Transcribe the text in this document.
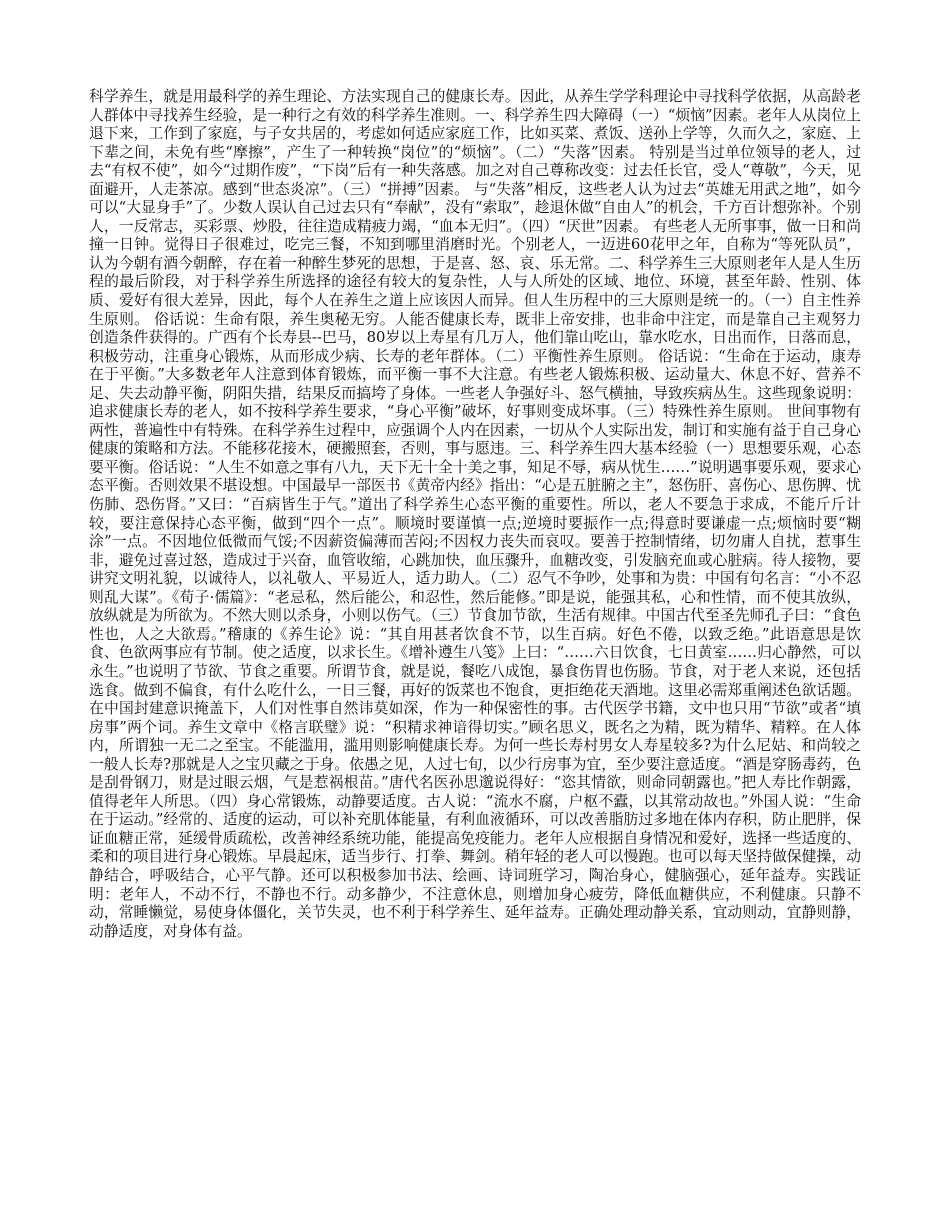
科学养生，就是用最科学的养生理论、方法实现自己的健康长寿。因此，从养生学学科理论中寻找科学依据，从高龄老人群体中寻找养生经验，是一种行之有效的科学养生准则。一、科学养生四大障碍（一）“烦恼”因素。老年人从岗位上退下来，工作到了家庭，与子女共居的，考虑如何适应家庭工作，比如买菜、煮饭、送孙上学等，久而久之，家庭、上下辈之间，未免有些“摩擦”，产生了一种转换“岗位”的“烦恼”。（二）“失落”因素。 特别是当过单位领导的老人，过去“有权不使”，如今“过期作废”，“下岗”后有一种失落感。加之对自己尊称改变：过去任长官，受人“尊敬”，今天，见面避开，人走茶凉。感到“世态炎凉”。（三）“拼搏”因素。 与“失落”相反，这些老人认为过去“英雄无用武之地”，如今可以“大显身手”了。少数人误认自己过去只有“奉献”，没有“索取”，趁退休做“自由人”的机会，千方百计想弥补。个别人，一反常志，买彩票、炒股，往往造成精疲力竭，“血本无归”。（四）“厌世”因素。 有些老人无所事事，做一日和尚撞一日钟。觉得日子很难过，吃完三餐，不知到哪里消磨时光。个别老人，一迈进60花甲之年，自称为“等死队员”，认为今朝有酒今朝醉，存在着一种醉生梦死的思想，于是喜、怒、哀、乐无常。二、科学养生三大原则老年人是人生历程的最后阶段，对于科学养生所选择的途径有较大的复杂性，人与人所处的区域、地位、环境，甚至年龄、性别、体质、爱好有很大差异，因此，每个人在养生之道上应该因人而异。但人生历程中的三大原则是统一的。（一）自主性养生原则。 俗话说：生命有限，养生奥秘无穷。人能否健康长寿，既非上帝安排，也非命中注定，而是靠自己主观努力创造条件获得的。广西有个长寿县--巴马，80岁以上寿星有几万人，他们靠山吃山，靠水吃水，日出而作，日落而息，积极劳动，注重身心锻炼，从而形成少病、长寿的老年群体。（二）平衡性养生原则。 俗话说：“生命在于运动，康寿在于平衡。”大多数老年人注意到体育锻炼，而平衡一事不大注意。有些老人锻炼积极、运动量大、休息不好、营养不足、失去动静平衡，阴阳失措，结果反而搞垮了身体。一些老人争强好斗、怒气横抽，导致疾病丛生。这些现象说明：追求健康长寿的老人，如不按科学养生要求，“身心平衡”破坏，好事则变成坏事。（三）特殊性养生原则。 世间事物有两性，普遍性中有特殊。在科学养生过程中，应强调个人内在因素，一切从个人实际出发，制订和实施有益于自己身心健康的策略和方法。不能移花接木，硬搬照套，否则，事与愿违。三、科学养生四大基本经验（一）思想要乐观，心态要平衡。俗话说：“人生不如意之事有八九，天下无十全十美之事，知足不辱，病从忧生……”说明遇事要乐观，要求心态平衡。否则效果不堪设想。中国最早一部医书《黄帝内经》指出：“心是五脏腑之主”，怒伤肝、喜伤心、思伤脾、忧伤肺、恐伤肾。”又曰：“百病皆生于气。”道出了科学养生心态平衡的重要性。所以，老人不要急于求成，不能斤斤计较，要注意保持心态平衡，做到“四个一点”。顺境时要谨慎一点;逆境时要振作一点;得意时要谦虚一点;烦恼时要“糊涂”一点。不因地位低微而气馁;不因薪资偏薄而苦闷;不因权力丧失而哀叹。要善于控制情绪，切勿庸人自扰，惹事生非，避免过喜过怒，造成过于兴奋，血管收缩，心跳加快，血压骤升，血糖改变，引发脑充血或心脏病。待人接物，要讲究文明礼貌，以诚待人，以礼敬人、平易近人，适力助人。（二）忍气不争吵，处事和为贵：中国有句名言：“小不忍则乱大谋”。《荀子·儒篇》：“老忌私，然后能公，和忍性，然后能修。”即是说，能强其私，心和性情，而不使其放纵，放纵就是为所欲为。不然大则以杀身，小则以伤气。（三）节食加节欲，生活有规律。中国古代至圣先师孔子曰：“食色性也，人之大欲焉。”稽康的《养生论》说：“其自用甚者饮食不节，以生百病。好色不倦，以致乏绝。”此语意思是饮食、色欲两事应有节制。使之适度，以求长生。《增补遵生八笺》上曰：“……六日饮食，七日黄室……归心静然，可以永生。”也说明了节欲、节食之重要。所谓节食，就是说，餐吃八成饱，暴食伤胃也伤肠。节食，对于老人来说，还包括选食。做到不偏食，有什么吃什么，一日三餐，再好的饭菜也不饱食，更拒绝花天酒地。这里必需郑重阐述色欲话题。在中国封建意识掩盖下，人们对性事自然讳莫如深，作为一种保密性的事。古代医学书籍，文中也只用“节欲”或者“填房事”两个词。养生文章中《格言联璧》说：“积精求神谙得切实。”顾名思义，既名之为精，既为精华、精粹。在人体内，所谓独一无二之至宝。不能滥用，滥用则影响健康长寿。为何一些长寿村男女人寿星较多?为什么尼姑、和尚较之一般人长寿?那就是人之宝贝藏之于身。依愚之见，人过七旬，以少行房事为宜，至少要注意适度。“酒是穿肠毒药，色是刮骨钢刀，财是过眼云烟，气是惹祸根苗。”唐代名医孙思邈说得好：“恣其情欲，则命同朝露也。”把人寿比作朝露，值得老年人所思。（四）身心常锻炼，动静要适度。古人说：“流水不腐，户枢不蠹，以其常动故也。”外国人说：“生命在于运动。”经常的、适度的运动，可以补充肌体能量，有利血液循环，可以改善脂肪过多地在体内存积，防止肥胖，保证血糖正常，延缓骨质疏松，改善神经系统功能，能提高免疫能力。老年人应根据自身情况和爱好，选择一些适度的、柔和的项目进行身心锻炼。早晨起床，适当步行、打拳、舞剑。稍年轻的老人可以慢跑。也可以每天坚持做保健操，动静结合，呼吸结合，心平气静。还可以积极参加书法、绘画、诗词班学习，陶冶身心，健脑强心，延年益寿。实践证明：老年人，不动不行，不静也不行。动多静少，不注意休息，则增加身心疲劳，降低血糖供应，不利健康。只静不动，常睡懒觉，易使身体僵化，关节失灵，也不利于科学养生、延年益寿。正确处理动静关系，宜动则动，宜静则静，动静适度，对身体有益。
